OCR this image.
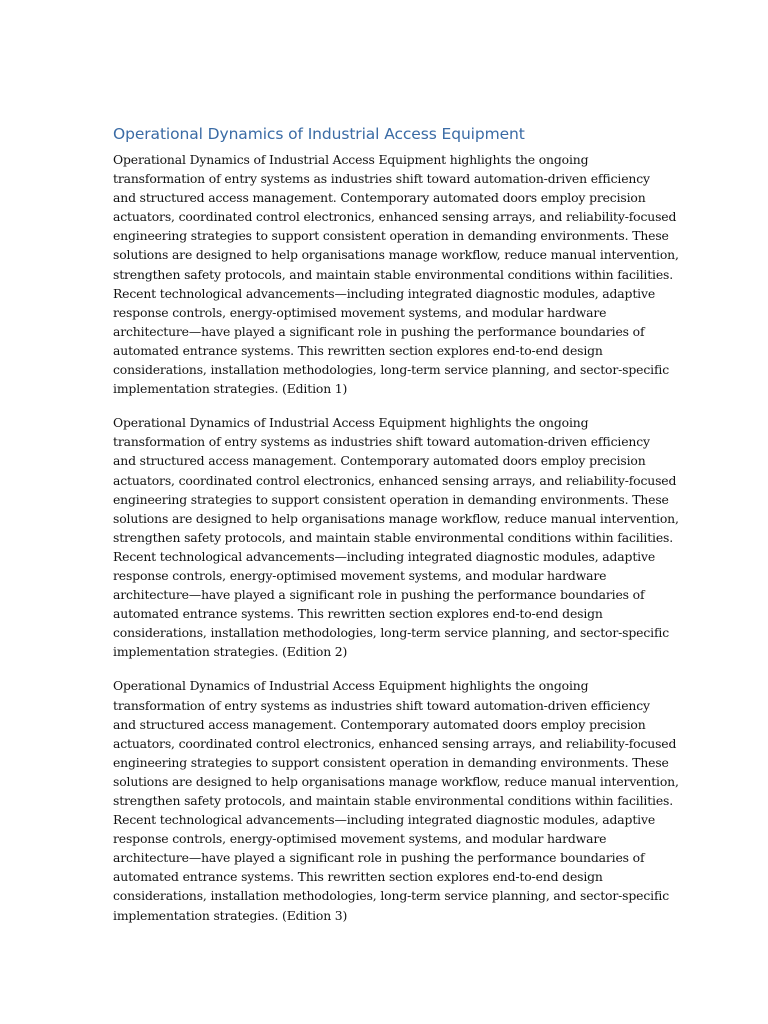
Operational Dynamics of Industrial Access Equipment

Operational Dynamics of Industrial Access Equipment highlights the ongoing
transformation of entry systems as industries shift toward automation-driven efficiency
and structured access management. Contemporary automated doors employ precision
actuators, coordinated control electronics, enhanced sensing arrays, and reliability-focused
engineering strategies to support consistent operation in demanding environments. These
solutions are designed to help organisations manage workflow, reduce manual intervention,
strengthen safety protocols, and maintain stable environmental conditions within facilities.
Recent technological advancements—including integrated diagnostic modules, adaptive
response controls, energy-optimised movement systems, and modular hardware
architecture—have played a significant role in pushing the performance boundaries of
automated entrance systems. This rewritten section explores end-to-end design
considerations, installation methodologies, long-term service planning, and sector-specific
implementation strategies. (Edition 1)

Operational Dynamics of Industrial Access Equipment highlights the ongoing
transformation of entry systems as industries shift toward automation-driven efficiency
and structured access management. Contemporary automated doors employ precision
actuators, coordinated control electronics, enhanced sensing arrays, and reliability-focused
engineering strategies to support consistent operation in demanding environments. These
solutions are designed to help organisations manage workflow, reduce manual intervention,
strengthen safety protocols, and maintain stable environmental conditions within facilities.
Recent technological advancements—including integrated diagnostic modules, adaptive
response controls, energy-optimised movement systems, and modular hardware
architecture—have played a significant role in pushing the performance boundaries of
automated entrance systems. This rewritten section explores end-to-end design
considerations, installation methodologies, long-term service planning, and sector-specific
implementation strategies. (Edition 2)

Operational Dynamics of Industrial Access Equipment highlights the ongoing
transformation of entry systems as industries shift toward automation-driven efficiency
and structured access management. Contemporary automated doors employ precision
actuators, coordinated control electronics, enhanced sensing arrays, and reliability-focused
engineering strategies to support consistent operation in demanding environments. These
solutions are designed to help organisations manage workflow, reduce manual intervention,
strengthen safety protocols, and maintain stable environmental conditions within facilities.
Recent technological advancements—including integrated diagnostic modules, adaptive
response controls, energy-optimised movement systems, and modular hardware
architecture—have played a significant role in pushing the performance boundaries of
automated entrance systems. This rewritten section explores end-to-end design
considerations, installation methodologies, long-term service planning, and sector-specific
implementation strategies. (Edition 3)
